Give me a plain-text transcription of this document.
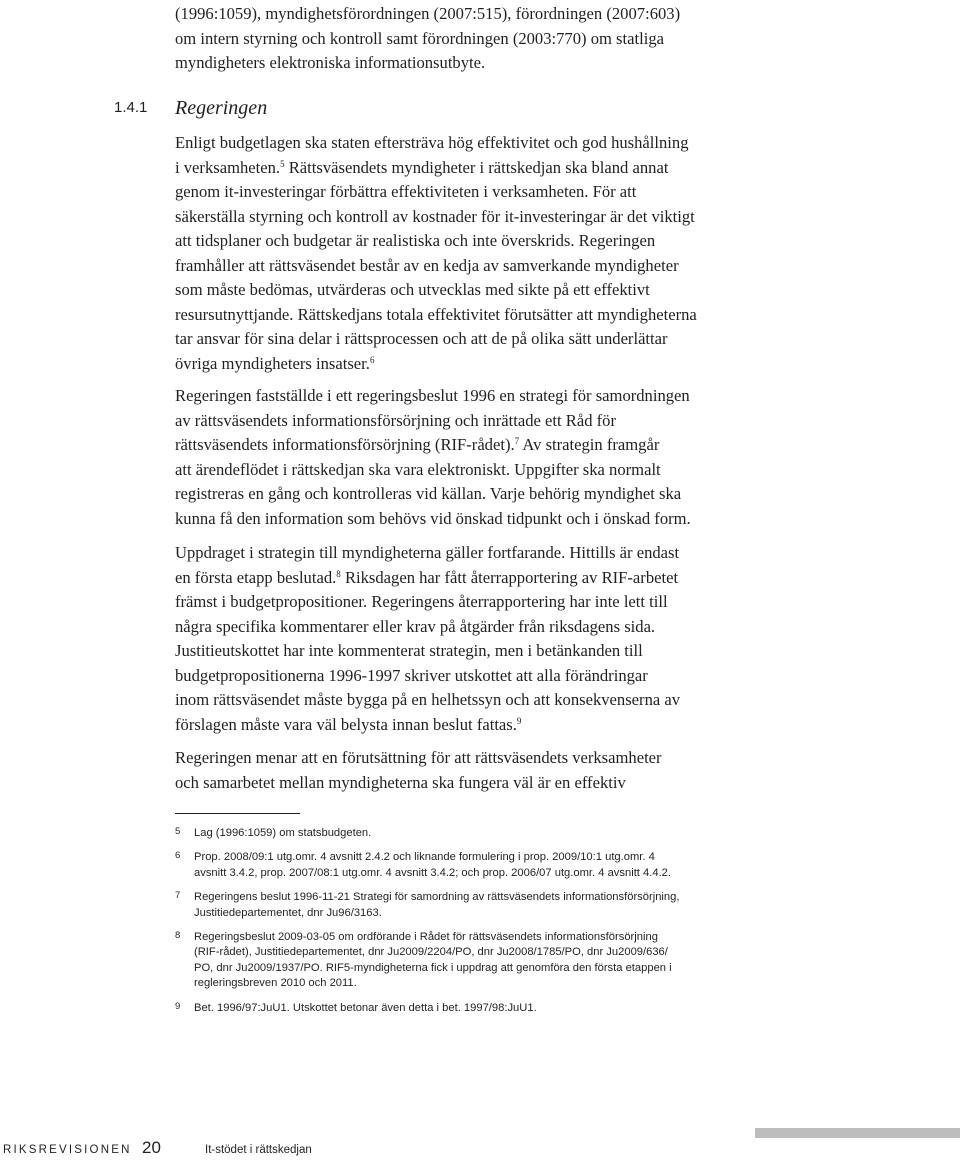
(1996:1059), myndighetsförordningen (2007:515), förordningen (2007:603)
om intern styrning och kontroll samt förordningen (2003:770) om statliga
myndigheters elektroniska informationsutbyte.

1.4.1 Regeringen

Enligt budgetlagen ska staten eftersträva hög effektivitet och god hushållning
i verksamheten.$^5$ Rättsväsendets myndigheter i rättskedjan ska bland annat
genom it-investeringar förbättra effektiviteten i verksamheten. För att
säkerställa styrning och kontroll av kostnader för it-investeringar är det viktigt
att tidsplaner och budgetar är realistiska och inte överskrids. Regeringen
framhåller att rättsväsendet består av en kedja av samverkande myndigheter
som måste bedömas, utvärderas och utvecklas med sikte på ett effektivt
resursutnyttjande. Rättskedjans totala effektivitet förutsätter att myndigheterna
tar ansvar för sina delar i rättsprocessen och att de på olika sätt underlättar
övriga myndigheters insatser.$^6$

Regeringen fastställde i ett regeringsbeslut 1996 en strategi för samordningen
av rättsväsendets informationsförsörjning och inrättade ett Råd för
rättsväsendets informationsförsörjning (RIF-rådet).$^7$ Av strategin framgår
att ärendeflödet i rättskedjan ska vara elektroniskt. Uppgifter ska normalt
registreras en gång och kontrolleras vid källan. Varje behörig myndighet ska
kunna få den information som behövs vid önskad tidpunkt och i önskad form.

Uppdraget i strategin till myndigheterna gäller fortfarande. Hittills är endast
en första etapp beslutad.$^8$ Riksdagen har fått återrapportering av RIF-arbetet
främst i budgetpropositioner. Regeringens återrapportering har inte lett till
några specifika kommentarer eller krav på åtgärder från riksdagens sida.
Justitieutskottet har inte kommenterat strategin, men i betänkanden till
budgetpropositionerna 1996-1997 skriver utskottet att alla förändringar
inom rättsväsendet måste bygga på en helhetssyn och att konsekvenserna av
förslagen måste vara väl belysta innan beslut fattas.$^9$

Regeringen menar att en förutsättning för att rättsväsendets verksamheter
och samarbetet mellan myndigheterna ska fungera väl är en effektiv

5 Lag (1996:1059) om statsbudgeten.
6 Prop. 2008/09:1 utg.omr. 4 avsnitt 2.4.2 och liknande formulering i prop. 2009/10:1 utg.omr. 4
avsnitt 3.4.2, prop. 2007/08:1 utg.omr. 4 avsnitt 3.4.2; och prop. 2006/07 utg.omr. 4 avsnitt 4.4.2.
7 Regeringens beslut 1996-11-21 Strategi för samordning av rättsväsendets informationsförsörjning,
Justitiedepartementet, dnr Ju96/3163.
8 Regeringsbeslut 2009-03-05 om ordförande i Rådet för rättsväsendets informationsförsörjning
(RIF-rådet), Justitiedepartementet, dnr Ju2009/2204/PO, dnr Ju2008/1785/PO, dnr Ju2009/636/
PO, dnr Ju2009/1937/PO. RIF5-myndigheterna fick i uppdrag att genomföra den första etappen i
regleringsbreven 2010 och 2011.
9 Bet. 1996/97:JuU1. Utskottet betonar även detta i bet. 1997/98:JuU1.
RIKSREVISIONEN 20	It-stödet i rättskedjan
